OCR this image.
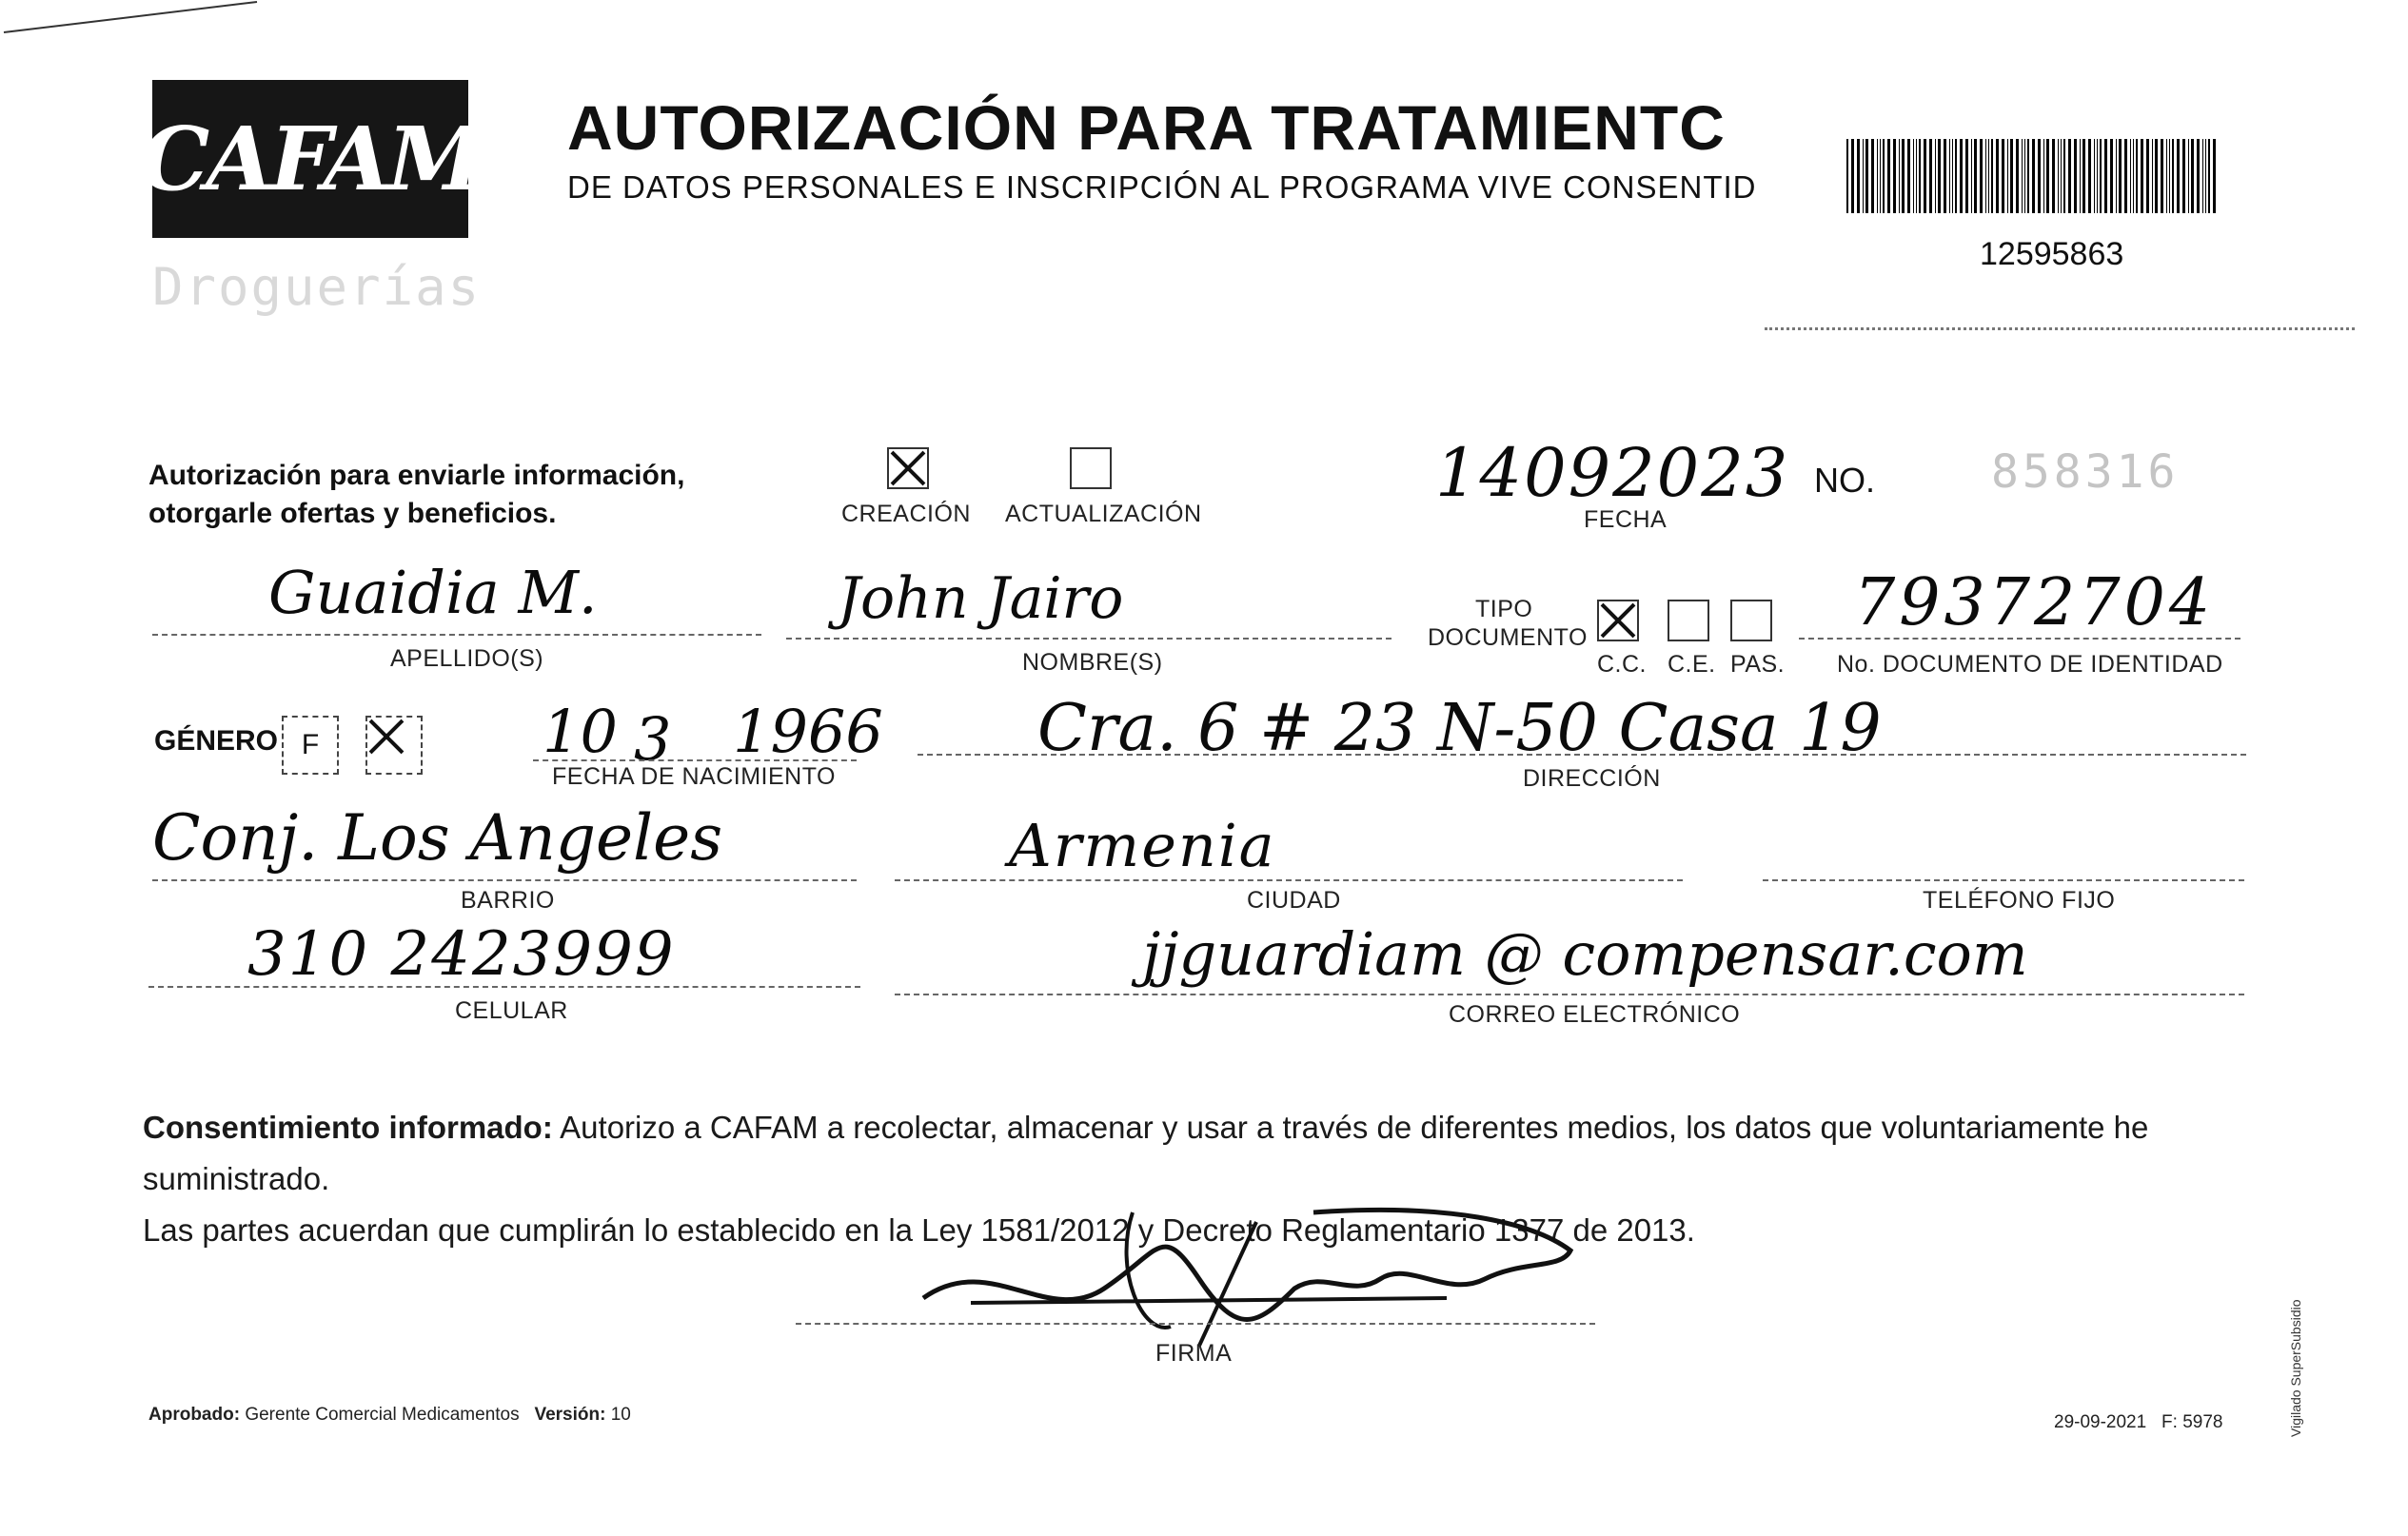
CAFAM
Droguerías
AUTORIZACIÓN PARA TRATAMIENTC
DE DATOS PERSONALES E INSCRIPCIÓN AL PROGRAMA VIVE CONSENTID
12595863
Autorización para enviarle información,
otorgarle ofertas y beneficios.	CREACIÓN ACTUALIZACIÓN
14092023
FECHA
NO.	858316
Guaidia M.
APELLIDO(S)
John Jairo
NOMBRE(S)
TIPO
DOCUMENTO
C.C. C.E. PAS.
79372704
No. DOCUMENTO DE IDENTIDAD
GÉNERO F	10 3 1966
FECHA DE NACIMIENTO
Cra. 6 # 23 N-50 Casa 19
DIRECCIÓN
Conj. Los Angeles
BARRIO
Armenia
CIUDAD	TELÉFONO FIJO
310 2423999
CELULAR
jjguardiam @ compensar.com
CORREO ELECTRÓNICO
Consentimiento informado: Autorizo a CAFAM a recolectar, almacenar y usar a través de diferentes medios, los datos que voluntariamente he suministrado.
Las partes acuerdan que cumplirán lo establecido en la Ley 1581/2012 y Decreto Reglamentario 1377 de 2013.
FIRMA
Aprobado: Gerente Comercial Medicamentos Versión: 10	29-09-2021 F: 5978	Vigilado SuperSubsidio
